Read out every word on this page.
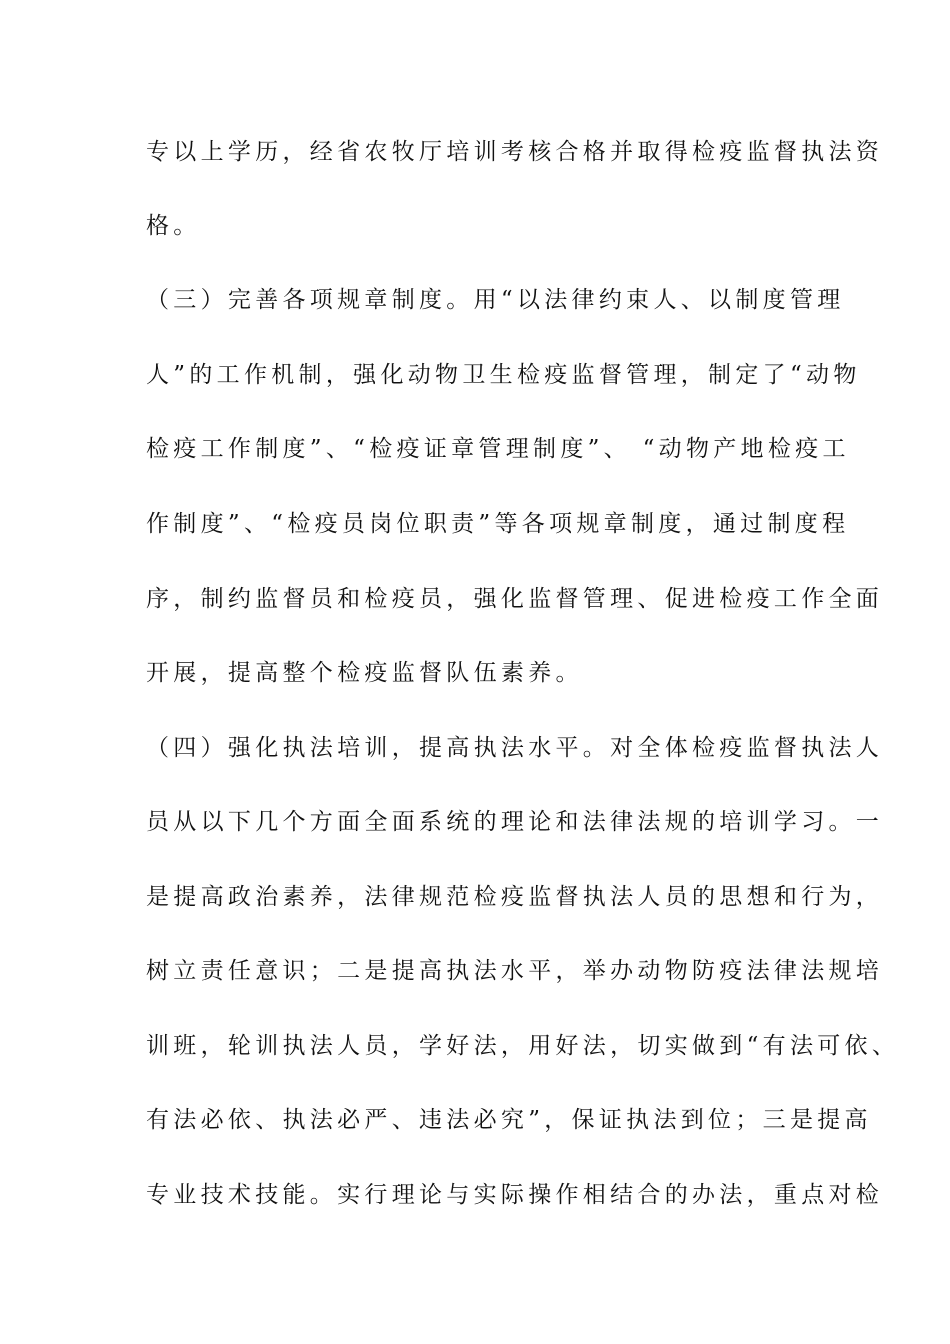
专以上学历，经省农牧厅培训考核合格并取得检疫监督执法资
格。
（三）完善各项规章制度。用“以法律约束人、以制度管理
人”的工作机制，强化动物卫生检疫监督管理，制定了“动物
检疫工作制度”、“检疫证章管理制度”、 “动物产地检疫工
作制度”、“检疫员岗位职责”等各项规章制度，通过制度程
序，制约监督员和检疫员，强化监督管理、促进检疫工作全面
开展，提高整个检疫监督队伍素养。
（四）强化执法培训，提高执法水平。对全体检疫监督执法人
员从以下几个方面全面系统的理论和法律法规的培训学习。一
是提高政治素养，法律规范检疫监督执法人员的思想和行为，
树立责任意识；二是提高执法水平，举办动物防疫法律法规培
训班，轮训执法人员，学好法，用好法，切实做到“有法可依、
有法必依、执法必严、违法必究”，保证执法到位；三是提高
专业技术技能。实行理论与实际操作相结合的办法，重点对检
